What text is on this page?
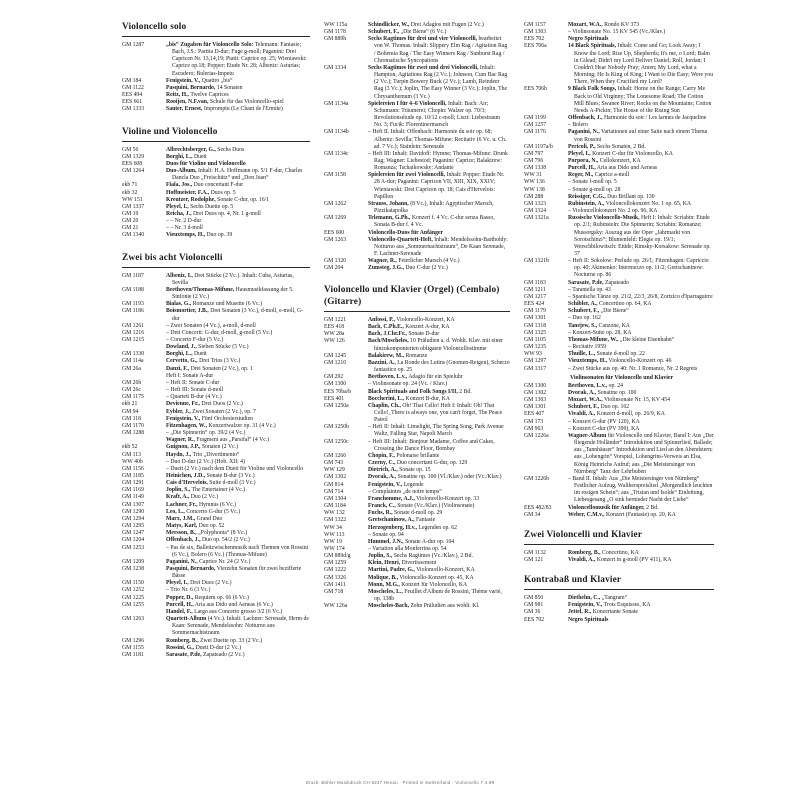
Violoncello solo
GM 1287	„bis“ Zugaben für Violoncello Solo: Telemann: Fantasie; Bach, J.S.: Partita D-dur; Fuge g-moll; Paganini: Drei Capricen Nr. 13,14,19; Piatti: Caprice op. 25; Wieniawski: Caprice op.18; Popper: Etude Nr. 28; Albeniz: Asturias; Escudero; Bulerias-Impetu
GM 184	Fenigstein, V., Quattro „bis“
GM 1122	Pasquini, Bernardo, 14 Sonaten
EES 494	Reitz, H., Twelve Caprices
EES 661	Rooijen, N.F.van, Schule für das Violoncello-spiel
GM 1333	Sauter, Ernest, Impromptu (Le Chant de l'Ermite)
Violine und Violoncello
GM 56	Albrechtsberger, G., Sechs Duos
GM 1329	Borghi, L., Duett
EES 608	Duos für Violine und Violoncello
GM 1264	Duo-Album, Inhalt: H.A. Hoffmann op. 5/1 F-dur, Charles Dancla Duo „Freischütz“ und „Don Juan“
ekb 71	Fiala, Jos., Duo concertant F-dur
ekb 32	Hoffmeister, F.A., Duos op. 5
WW 151	Kreutzer, Rodolphe, Sonate C-dur, op. 16/1
GM 1337	Pleyel, I., Sechs Duette op. 5
GM 19	Reicha, J., Drei Duos op. 4, Nr. 1 g-moll
GM 20	– – Nr. 2 D-dur
GM 21	– – Nr. 3 d-moll
GM 1340	Vieuxtemps, H., Duo op. 39
Zwei bis acht Violoncelli
GM 1187	Albeniz, I., Drei Stücke (2 Vc.). Inhalt: Cuba, Asturias, Sevilla
GM 1188	Beethoven/Thomas-Mifune, Hausmusikfassung der 5. Sinfonie (2 Vc.)
GM 1193	Bialas, G., Romanze und Musette (6 Vc.)
GM 1186	Boismortier, J.B., Drei Sonaten (3 Vc.), d-moll, e-moll, G-dur
GM 1261	– Zwei Sonaten (4 Vc.), a-moll, d-moll
GM 1216	– Drei Concerti: G-dur, d-moll, g-moll (5 Vc.)
GM 1215	– Concerto F-dur (5 Vc.)
Dowland, J., Sieben Stücke (5 Vc.)
GM 1330	Borghi, L., Duett
GM 114a	Cervetto, G., Drei Trios (3 Vc.)
GM 26a	Danzi, F., Drei Sonaten (2 Vc.), op. 1
Heft I: Sonate A-dur
GM 26b	– Heft II: Sonate C-dur
GM 26c	– Heft III: Sonate d-moll
GM 1175	– Quartett B-dur (4 Vc.)
ekb 21	Devienne, Fr., Drei Duos (2 Vc.)
GM 94	Eybler, J., Zwei Sonaten (2 Vc.), op. 7
GM 118	Fenigstein, V., Fünf Orchesterstudien
GM 1170	Fitzenhagen, W., Konzertwalzer op. 31 (4 Vc.)
GM 1288	– „Die Spinnerin“ op. 39/2 (4 Vc.)
Wagner, R., Fragment aus „Parsifal“ (4 Vc.)
ekb 52	Guignon, J.P., Sonaten (2 Vc.)
GM 113	Haydn, J., Trio „Divertimento“
WW 40b	– Duo D-dur (2 Vc.) (Hob. XII: 4)
GM 1156	– Duett (2 Vc.) nach dem Duett für Violine und Violoncello
GM 1185	Heinichen, J.D., Sonate B-dur (3 Vc.)
GM 1291	Cais d'Hervelois, Suite d-moll (3 Vc.)
GM 1169	Joplin, S., The Entertainer (4 Vc.)
GM 1149	Kraft, A., Duo (2 Vc.)
GM 1307	Lachner, Fr., Hymnus (6 Vc.)
GM 1290	Leo, L., Concerto G-dur (5 Vc.)
GM 1294	Marx, J.M., Grand Duo
GM 1295	Matys, Karl, Duo op. 52
GM 1247	Mersson, B., „Polyphonia“ (8 Vc.)
GM 1204	Offenbach, J., Duo op. 54/2 (2 Vc.)
GM 1253	– Pas de six, Ballettzwischenmusik nach Themen von Rossini (6 Vc.), Bolero (6 Vc.) (Thomas-Mifune)
GM 1209	Paganini, N., Caprice Nr. 24 (2 Vc.)
GM 1238	Pasquini, Bernardo, Vierzehn Sonaten für zwei bezifferte Bässe
GM 1150	Pleyel, I., Drei Duos (2 Vc.)
GM 1252	– Trio Nr. 6 (3 Vc.)
GM 1225	Popper, D., Requiem op. 66 (6 Vc.)
GM 1255	Purcell, H., Aria aus Dido und Aeneas (6 Vc.)
Handel, F., Largo aus Concerto grosso 3/2 (6 Vc.)
GM 1263	Quartett-Album (4 Vc.). Inhalt: Lachner: Serenade, Herm de Kaan: Serenade, Mendelssohn: Notturno aus Sommernachtstraum
GM 1296	Romberg, B., Zwei Duette op. 33 (2 Vc.)
GM 1155	Rossini, G., Duett D-dur (2 Vc.)
GM 1181	Sarasate, P.de, Zapateado (2 Vc.)
WW 115a	Schindlicker, W., Drei Adagios mit Fugen (2 Vc.)
GM 1178	Schubert, F., „Die Biene“ (6 Vc.)
GM 889h	Sechs Ragtimes für drei und vier Violoncelli, bearbeitet von W. Thomas. Inhalt: Slippery Elm Rag / Agitation Rag / Bohemia Rag / The Easy Winners Rag / Sunburst Rag / Chromatische Syncopations
GM 1334	Sechs Ragtimes für zwei und drei Violoncelli, Inhalt: Hampton, Agitations Rag (2 Vc.); Johnson, Cum Bac Rag (2 Vc.); Turpin Bowery Buck (2 Vc.); Lamb, Reindeer Rag (3 Vc.); Joplin, The Easy Winner (3 Vc.); Joplin, The Chrysanthemum (3 Vc.)
GM 1134a	Spielereien I für 4–6 Violoncelli, Inhalt: Bach: Air; Schumann: Träumerei; Chopin: Walzer op. 70/3; Revolutionsétude op. 10/12 c-moll; Liszt: Liebestraum No. 3; Fucik: Florentinermarsch
GM 1134b	– Heft II. Inhalt: Offenbach: Harmonie du soir op. 68; Albeniz: Sevilla; Thomas-Mifune: Recitativ (6 Vc. u. Ch. ad. 7 Vc.); Stainlein: Serenade
GM 1134c	– Heft III: Inhalt: Davidoff: Hymne; Thomas-Mifune: Drunk Rag; Wagner: Liebestod; Paganini: Caprice; Balakirew: Romanza; Tschaikowsky: Andante
GM 1158	Spielereien für zwei Violoncelli, Inhalt: Popper: Etude Nr. 28 A-dur; Paganini: Capricen VII, XIII, XIX, XXIV; Wieniawski: Drei Capricen op. 18; Cais d'Hervelois: Papillon
GM 1262	Strauss, Johann, (8 Vc.), Inhalt: Agyptischer Marsch, Pizzikatapolka
GM 1269	Telemann, G.Ph., Konzert f. 4 Vc. C-dur senza Basso, Sonata B-dur f. 4 Vc.
EES 600	Violoncello-Duos für Anfänger
GM 1263	Violoncello-Quartett-Heft, Inhalt: Mendelssohn-Bartholdy: Notturno aus „Sommernachtstraum“, De Kaan Serenade, F. Lachner-Serenade
GM 1320	Wagner, R., Feierlicher Marsch (4 Vc.)
GM 204	Zumsteg, J.G., Duo C-dur (2 Vc.)
Violoncello und Klavier (Orgel) (Cembalo) (Gitarre)
GM 1221	Anfossi, P., Violoncello-Konzert, KA
EES 418	Bach, C.Ph.E., Konzert A-dur, KA
WW 28a	Bach, J.Chr.Fr., Sonate D-dur
WW 126	Bach/Moscheles, 10 Präludien a. d. Wohlt. Klav. mit einer hinzukomponierten obligaten Violoncellostimme
GM 1245	Balakirew, M., Romanze
GM 1210	Bazzini, A., La Ronde des Lutins (Gnomen-Reigen), Scherzo fantastico op. 25
GM 292	Beethoven, L.v., Adagio für ein Spieluhr
GM 1300	– Violinsonate op. 24 (Vc. / Klav.)
EES 70ba/b	Black Spirituals and Folk Songs I/II, 2 Bd.
EES 401	Boccherini, L., Konzert B-dur, KA
GM 1250a	Chaplin, Ch., Oh! That Cello! Heft I: Inhalt: Oh! That Cello!, There is always one, you can't forget, The Peace Patrol
GM 1250b	– Heft II: Inhalt: Limelight, The Spring Song, Park Avenue Waltz, Falling Star, Napoli March
GM 1250c	– Heft III: Inhalt: Bonjour Madame, Coffee and Cakes, Crossing the Dance Floor, Bombay
GM 1266	Chopin, F., Polonaise brillante
GM 743	Czerny, C., Duo concertant G-dur, op. 129
WW 129	Dietrich, A., Sonate op. 15
GM 1302	Dvorak, A., Sonatine op. 100 (Vl./Klav.) oder (Vc./Klav.)
GM 814	Fenigstein, V., Legende
GM 714	– Complaintes „de notre temps“
GM 1304	Franchomme, A.J., Violoncello-Konzert op. 33
GM 1184	Franck, C., Sonate (Vc./Klav.) (Violinsonate)
WW 132	Fuchs, R., Sonate d-moll op. 29
GM 1322	Gretschaninow, A., Fantasie
WW 34	Herzogenberg, H.v., Legenden op. 62
WW 113	– Sonate op. 94
WW 19	Hummel, J.N., Sonate A-dur op. 104
WW 174	– Variation alla Monferrina op. 54
GM 889d/g	Joplin, S., Sechs Ragtimes (Vc./Klav.), 2 Bd.
GM 1259	Klein, Henri, Divertissement
GM 1222	Martini, Padre, G., Violoncello-Konzert, KA
GM 1326	Molique, B., Violoncello-Konzert op. 45, KA
GM 1411	Monn, M.G., Konzert für Violoncello, KA
GM 718	Moscheles, L., Feuillet d'Album de Rossini, Thème varié, op. 138b
WW 126a	Moscheles-Bach, Zehn Präludien aus wohlt. Kl.
GM 1157	Mozart, W.A., Rondo KV 373
GM 1303	– Violinsonate No. 15 KV 545 (Vc./Klav.)
EES 702	Negro Spirituals
EES 706a	14 Black Spirituals, Inhalt: Come and Go; Look Away; I Know the Lord; Rise Up, Shepherds; It's me, o Lord; Balm in Gilead; Didn't my Lord Deliver Daniel; Roll, Jordan; I Couldn't Hear Nobody Pray; Amen; My Lord, what a Morning; He Is King of King; I Want to Die Easy; Were you There, When they Crucified my Lord?
EES 706b	9 Black Folk Songs, Inhalt: Home on the Range; Carry Me Back to Old Virginny; The Lonesome Road; The Cotton Mill Blues; Swanee River; Rocks on the Mountains; Cotton Needs A-Pickin; The House of the Rising Sun
GM 1199	Offenbach, J., Harmonie du soir / Les larmes de Jacqueline
GM 1257	– Bolero
GM 1176	Paganini, N., Variationen auf einer Saite nach einem Thema von Rossini
GM 1197a/b	Pericoli, P., Sechs Sonaten, 2 Bd.
GM 797	Pleyel, I., Konzert C-dur für Violoncello, KA
GM 796	Porpora, N., Cellokonzert, KA
GM 1338	Purcell, H., Aria aus Dido und Aeneas
WW 31	Reger, M., Caprice a-moll
WW 136	– Sonate f-moll op. 5
WW 138	– Sonate g-moll op. 28
GM 288	Reissiger, C.G., Duo Brillant op. 130
GM 1323	Rubinstein, A., Violoncellokonzert No. 1 op. 65, KA
GM 1324	– Violoncellokonzert No. 2 op. 96, KA
GM 1321a	Russische Violoncello-Musik, Heft I: Inhalt: Scriabin: Etude op. 2/1; Rubinstein: Die Spinnerin; Scriabin: Romanze; Mussorgsky: Auszug aus der Oper „Jahrmarkt von Sorotschinzi“; Blumenfeld: Elegie op. 19/1; Werschbilowitsch: Etüde; Rimsky-Korsakow: Serenade op. 37
GM 1321b	– Heft II: Sokolow: Prelude op. 26/1; Fitzenhagen: Capriccio op. 40; Akimenko: Intermezzo op. 11/2; Gretschaninow: Nocturne op. 86
GM 1183	Sarasate, P.de, Zapateado
GM 1211	– Tarantella op. 43
GM 1217	– Spanische Tänze op. 21/2, 22/3, 26/8, Zortzico d'Iparraguirre
EES 424	Schibler, A., Concertino op. 64, KA
GM 1179	Schubert, F., „Die Biene“
GM 1301	– Duo op. 162
GM 1318	Tanejew, S., Canzone, KA
GM 1325	– Konzert-Suite op. 28, KA
GM 1105	Thomas-Mifune, W., „Die kleine Eisenbahn“
GM 1235	– Recitativ 1959
WW 93	Thuille, L., Sonate d-moll op. 22
GM 1297	Vieuxtemps, H., Violoncello-Konzert op. 46
GM 1317	– Zwei Stücke aus op. 40: Nr. 1 Romance, Nr. 2 Regrets
Violinsonaten für Violoncello und Klavier
GM 1300	Beethoven, L.v., op. 24
GM 1302	Dvorak, A., Sonatine op. 100
GM 1303	Mozart, W.A., Violinsonate Nr. 15, KV 454
GM 1301	Schubert, F., Duo op. 162
EES 407	Vivaldi, A., Konzert d-moll, op. 26/9, KA
GM 173	– Konzert G-dur (PV 120), KA
GM 963	– Konzert C-dur (PV 399), KA
GM 1226a	Wagner-Album für Violoncello und Klavier, Band I: Aus „Der fliegende Holländer“ Introduktion und Spinnerlied, Ballade; aus „Tannhäuser“ Introduktion und Lied an den Abendstern; aus „Lohengrin“ Vorspiel, Lohengrins-Verweis an Elsa, König Heinrichs Aufruf; aus „Die Meistersinger von Nürnberg“ Tanz der Lehrbuben
GM 1226b	– Band II. Inhalt: Aus „Die Meistersinger von Nürnberg“ Festlicher Aufzug, Waltherspreislied „Morgendlich leuchten im rosigen Schein“; aus „Tristan und Isolde“ Einleitung, Liebesgesang „O sink hernieder Nacht der Liebe“
EES 482/83	Violoncellomusik für Anfänger, 2 Bd.
GM 34	Weber, C.M.v., Konzert (Fantasie) op. 20, KA
Zwei Violoncelli und Klavier
GM 1132	Romberg, B., Concertino, KA
GM 121	Vivaldi, A., Konzert in g-moll (PV 411), KA
Kontrabaß und Klavier
GM 850	Diethelm, C., „Tangram“
GM 981	Fenigstein, V., Trois Esquisses, KA
GM 36	Jettel, R., Konzertante Sonate
EES 702	Negro Spirituals
Druck: Bühler Musikdruck CH 9247 Henau · Printed in Switzerland · Violoncello 7 4.99
